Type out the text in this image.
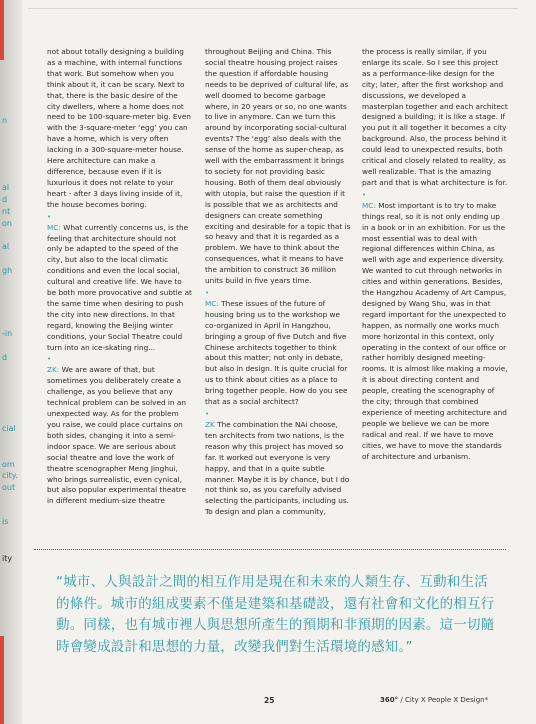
n
al
d
nt
on
al
gh
-in
d
cial
om
city.
out
is
ity

not about totally designing a building as a machine, with internal functions that work. But somehow when you think about it, it can be scary. Next to that, there is the basic desire of the city dwellers, where a home does not need to be 100-square-meter big. Even with the 3-square-meter ‘egg’ you can have a home, which is very often lacking in a 300-square-meter house. Here architecture can make a difference, because even if it is luxurious it does not relate to your heart - after 3 days living inside of it, the house becomes boring.

•

MC: What currently concerns us, is the feeling that architecture should not only be adapted to the speed of the city, but also to the local climatic conditions and even the local social, cultural and creative life. We have to be both more provocative and subtle at the same time when desiring to push the city into new directions. In that regard, knowing the Beijing winter conditions, your Social Theatre could turn into an ice-skating ring...

•

ZK: We are aware of that, but sometimes you deliberately create a challenge, as you believe that any technical problem can be solved in an unexpected way. As for the problem you raise, we could place curtains on both sides, changing it into a semi-indoor space. We are serious about social theatre and love the work of theatre scenographer Meng Jinghui, who brings surrealistic, even cynical, but also popular experimental theatre in different medium-size theatre

throughout Beijing and China. This social theatre housing project raises the question if affordable housing needs to be deprived of cultural life, as well doomed to become garbage where, in 20 years or so, no one wants to live in anymore. Can we turn this around by incorporating social-cultural events? The ‘egg’ also deals with the sense of the home as super-cheap, as well with the embarrassment it brings to society for not providing basic housing. Both of them deal obviously with utopia, but raise the question if it is possible that we as architects and designers can create something exciting and desirable for a topic that is so heavy and that it is regarded as a problem. We have to think about the consequences, what it means to have the ambition to construct 36 million units build in five years time.

•

MC: These issues of the future of housing bring us to the workshop we co-organized in April in Hangzhou, bringing a group of five Dutch and five Chinese architects together to think about this matter; not only in debate, but also in design. It is quite crucial for us to think about cities as a place to bring together people. How do you see that as a social architect?

•

ZK The combination the NAi choose, ten architects from two nations, is the reason why this project has moved so far. It worked out everyone is very happy, and that in a quite subtle manner. Maybe it is by chance, but I do not think so, as you carefully advised selecting the participants, including us. To design and plan a community,

the process is really similar, if you enlarge its scale. So I see this project as a performance-like design for the city; later, after the first workshop and discussions, we developed a masterplan together and each architect designed a building; it is like a stage. If you put it all together it becomes a city background. Also, the process behind it could lead to unexpected results, both critical and closely related to reality, as well realizable. That is the amazing part and that is what architecture is for.

•

MC: Most important is to try to make things real, so it is not only ending up in a book or in an exhibition. For us the most essential was to deal with regional differences within China, as well with age and experience diversity. We wanted to cut through networks in cities and within generations. Besides, the Hangzhou Academy of Art Campus, designed by Wang Shu, was in that regard important for the unexpected to happen, as normally one works much more horizontal in this context, only operating in the context of our office or rather horribly designed meeting-rooms. It is almost like making a movie, it is about directing content and people, creating the scenography of the city; through that combined experience of meeting architecture and people we believe we can be more radical and real. If we have to move cities, we have to move the standards of architecture and urbanism.

“城市、人與設計之間的相互作用是現在和未來的人類生存、互動和生活的條件。城市的組成要素不僅是建築和基礎設，還有社會和文化的相互行動。同樣，也有城市裡人與思想所產生的預期和非預期的因素。這一切隨時會變成設計和思想的力量，改變我們對生活環境的感知。”
25	360° / City X People X Design*
